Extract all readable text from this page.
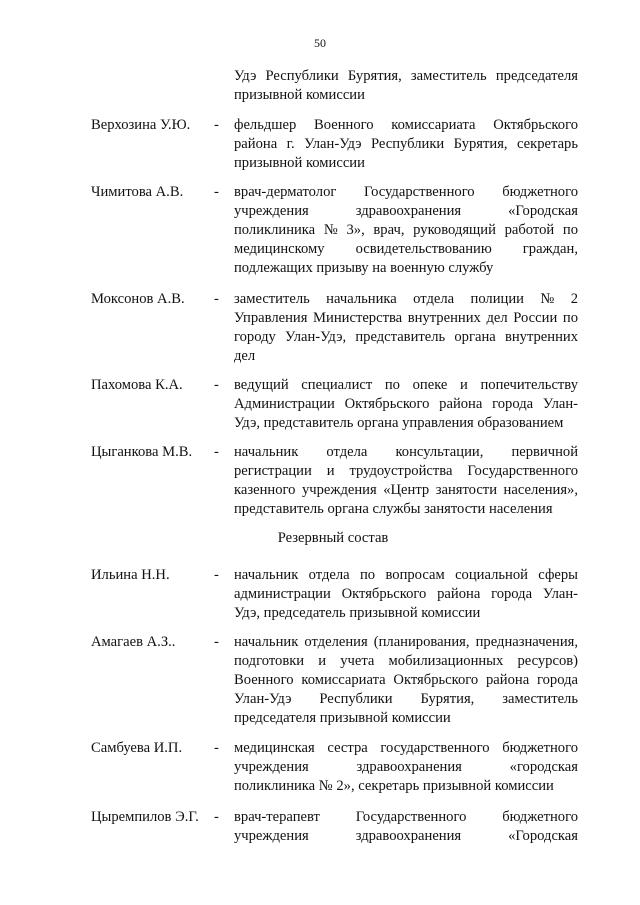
50
Удэ Республики Бурятия, заместитель председателя
призывной комиссии
Верхозина У.Ю. - фельдшер Военного комиссариата Октябрьского
района г. Улан-Удэ Республики Бурятия, секретарь
призывной комиссии
Чимитова А.В. - врач-дерматолог Государственного бюджетного
учреждения здравоохранения «Городская
поликлиника № 3», врач, руководящий работой по
медицинскому освидетельствованию граждан,
подлежащих призыву на военную службу
Моксонов А.В. - заместитель начальника отдела полиции № 2
Управления Министерства внутренних дел России по
городу Улан-Удэ, представитель органа внутренних
дел
Пахомова К.А. - ведущий специалист по опеке и попечительству
Администрации Октябрьского района города Улан-
Удэ, представитель органа управления образованием
Цыганкова М.В. - начальник отдела консультации, первичной
регистрации и трудоустройства Государственного
казенного учреждения «Центр занятости населения»,
представитель органа службы занятости населения
Резервный состав
Ильина Н.Н.	- начальник отдела по вопросам социальной сферы
администрации Октябрьского района города Улан-
Удэ, председатель призывной комиссии
Амагаев А.З..	- начальник отделения (планирования, предназначения,
подготовки и учета мобилизационных ресурсов)
Военного комиссариата Октябрьского района города
Улан-Удэ Республики Бурятия, заместитель
председателя призывной комиссии
Самбуева И.П. - медицинская сестра государственного бюджетного
учреждения здравоохранения «городская
поликлиника № 2», секретарь призывной комиссии
Цыремпилов Э.Г. - врач-терапевт Государственного бюджетного
учреждения здравоохранения «Городская
